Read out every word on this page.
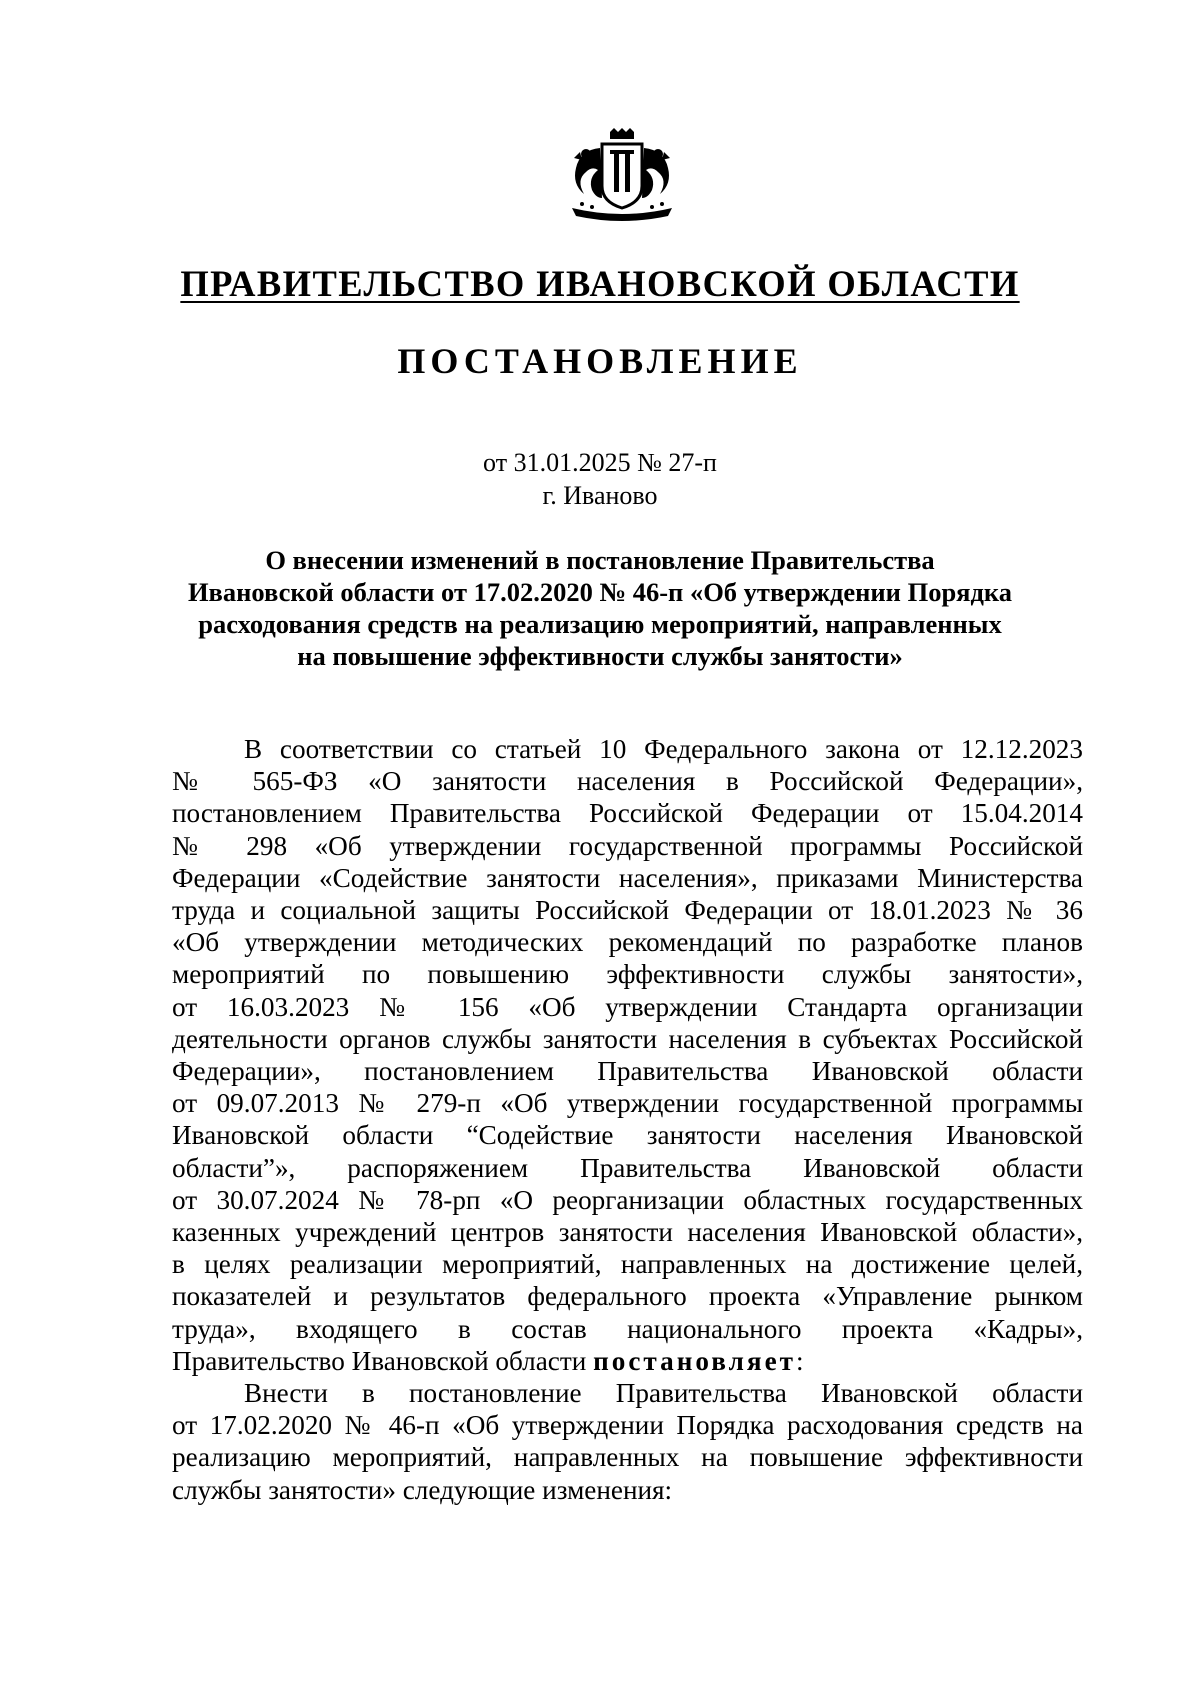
ПРАВИТЕЛЬСТВО ИВАНОВСКОЙ ОБЛАСТИ
ПОСТАНОВЛЕНИЕ
от 31.01.2025 № 27-п
г. Иваново
О внесении изменений в постановление Правительства
Ивановской области от 17.02.2020 № 46-п «Об утверждении Порядка
расходования средств на реализацию мероприятий, направленных
на повышение эффективности службы занятости»
В соответствии со статьей 10 Федерального закона от 12.12.2023
№ 565-ФЗ «О занятости населения в Российской Федерации»,
постановлением Правительства Российской Федерации от 15.04.2014
№ 298 «Об утверждении государственной программы Российской
Федерации «Содействие занятости населения», приказами Министерства
труда и социальной защиты Российской Федерации от 18.01.2023 № 36
«Об утверждении методических рекомендаций по разработке планов
мероприятий по повышению эффективности службы занятости»,
от 16.03.2023 № 156 «Об утверждении Стандарта организации
деятельности органов службы занятости населения в субъектах Российской
Федерации», постановлением Правительства Ивановской области
от 09.07.2013 № 279-п «Об утверждении государственной программы
Ивановской области “Содействие занятости населения Ивановской
области”», распоряжением Правительства Ивановской области
от 30.07.2024 № 78-рп «О реорганизации областных государственных
казенных учреждений центров занятости населения Ивановской области»,
в целях реализации мероприятий, направленных на достижение целей,
показателей и результатов федерального проекта «Управление рынком
труда», входящего в состав национального проекта «Кадры»,
Правительство Ивановской области постановляет:
Внести в постановление Правительства Ивановской области
от 17.02.2020 № 46-п «Об утверждении Порядка расходования средств на
реализацию мероприятий, направленных на повышение эффективности
службы занятости» следующие изменения:
